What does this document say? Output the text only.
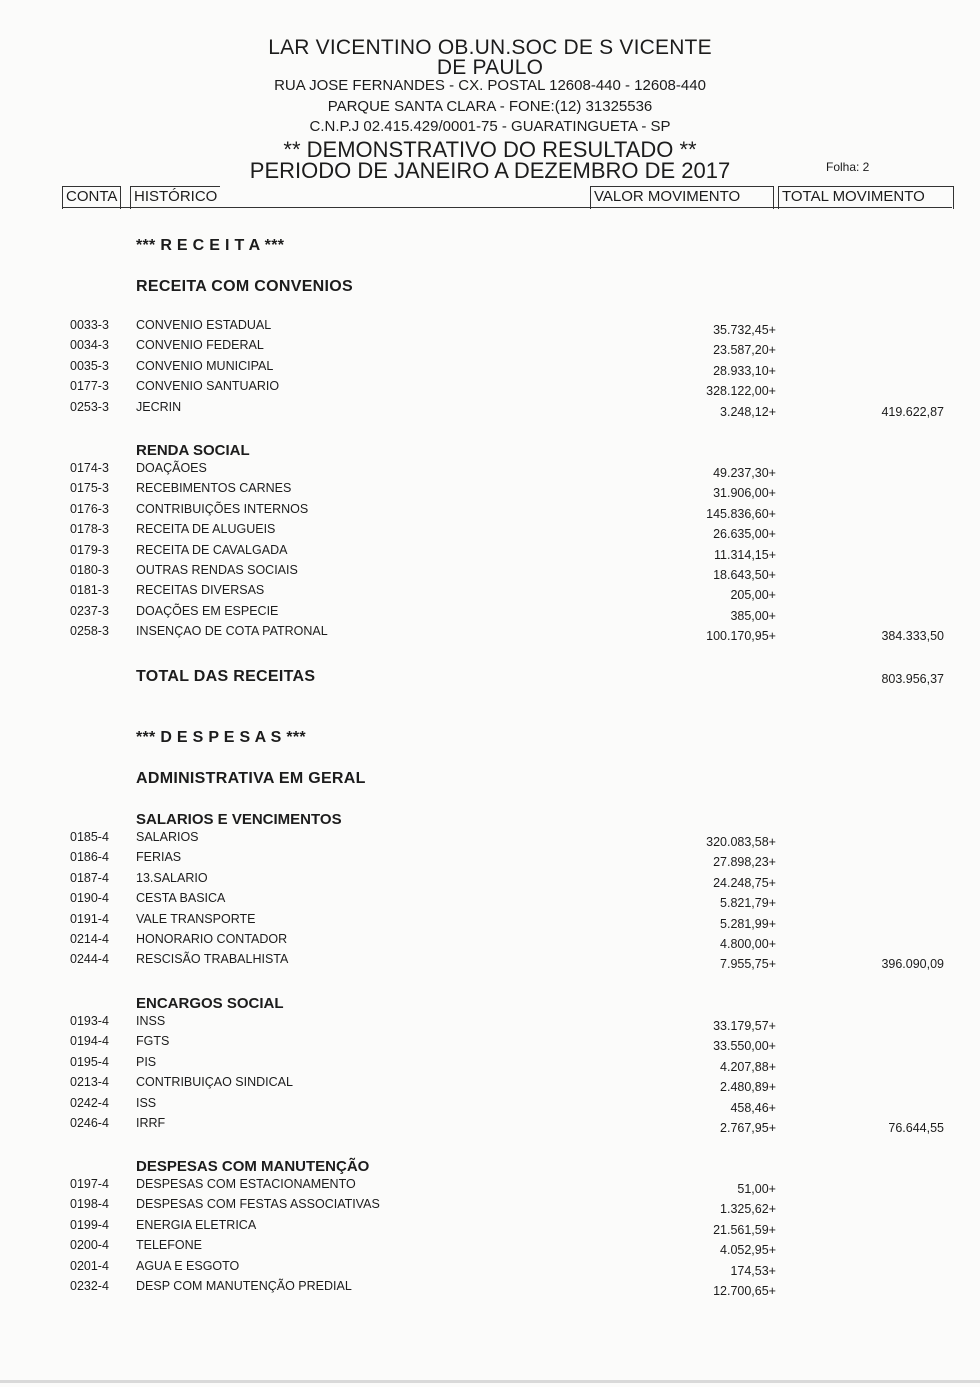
LAR VICENTINO OB.UN.SOC DE S VICENTE
DE PAULO
RUA JOSE FERNANDES - CX. POSTAL 12608-440 - 12608-440
PARQUE SANTA CLARA - FONE:(12) 31325536
C.N.P.J 02.415.429/0001-75 - GUARATINGUETA - SP
** DEMONSTRATIVO DO RESULTADO **
PERIODO DE JANEIRO A DEZEMBRO DE 2017	Folha: 2
CONTA HISTÓRICO	VALOR MOVIMENTO	TOTAL MOVIMENTO
*** R E C E I T A ***
RECEITA COM CONVENIOS
0033-3 CONVENIO ESTADUAL	35.732,45+
0034-3 CONVENIO FEDERAL	23.587,20+
0035-3 CONVENIO MUNICIPAL	28.933,10+
0177-3 CONVENIO SANTUARIO	328.122,00+
0253-3 JECRIN	3.248,12+	419.622,87
RENDA SOCIAL
0174-3 DOAÇÃOES	49.237,30+
0175-3 RECEBIMENTOS CARNES	31.906,00+
0176-3 CONTRIBUIÇÕES INTERNOS	145.836,60+
0178-3 RECEITA DE ALUGUEIS	26.635,00+
0179-3 RECEITA DE CAVALGADA	11.314,15+
0180-3 OUTRAS RENDAS SOCIAIS	18.643,50+
0181-3 RECEITAS DIVERSAS	205,00+
0237-3 DOAÇÕES EM ESPECIE	385,00+
0258-3 INSENÇAO DE COTA PATRONAL	100.170,95+	384.333,50
TOTAL DAS RECEITAS	803.956,37
*** D E S P E S A S ***
ADMINISTRATIVA EM GERAL
SALARIOS E VENCIMENTOS
0185-4 SALARIOS	320.083,58+
0186-4 FERIAS	27.898,23+
0187-4 13.SALARIO	24.248,75+
0190-4 CESTA BASICA	5.821,79+
0191-4 VALE TRANSPORTE	5.281,99+
0214-4 HONORARIO CONTADOR	4.800,00+
0244-4 RESCISÃO TRABALHISTA	7.955,75+	396.090,09
ENCARGOS SOCIAL
0193-4 INSS	33.179,57+
0194-4 FGTS	33.550,00+
0195-4 PIS	4.207,88+
0213-4 CONTRIBUIÇAO SINDICAL	2.480,89+
0242-4 ISS	458,46+
0246-4 IRRF	2.767,95+	76.644,55
DESPESAS COM MANUTENÇÃO
0197-4 DESPESAS COM ESTACIONAMENTO	51,00+
0198-4 DESPESAS COM FESTAS ASSOCIATIVAS	1.325,62+
0199-4 ENERGIA ELETRICA	21.561,59+
0200-4 TELEFONE	4.052,95+
0201-4 AGUA E ESGOTO	174,53+
0232-4 DESP COM MANUTENÇÃO PREDIAL	12.700,65+
